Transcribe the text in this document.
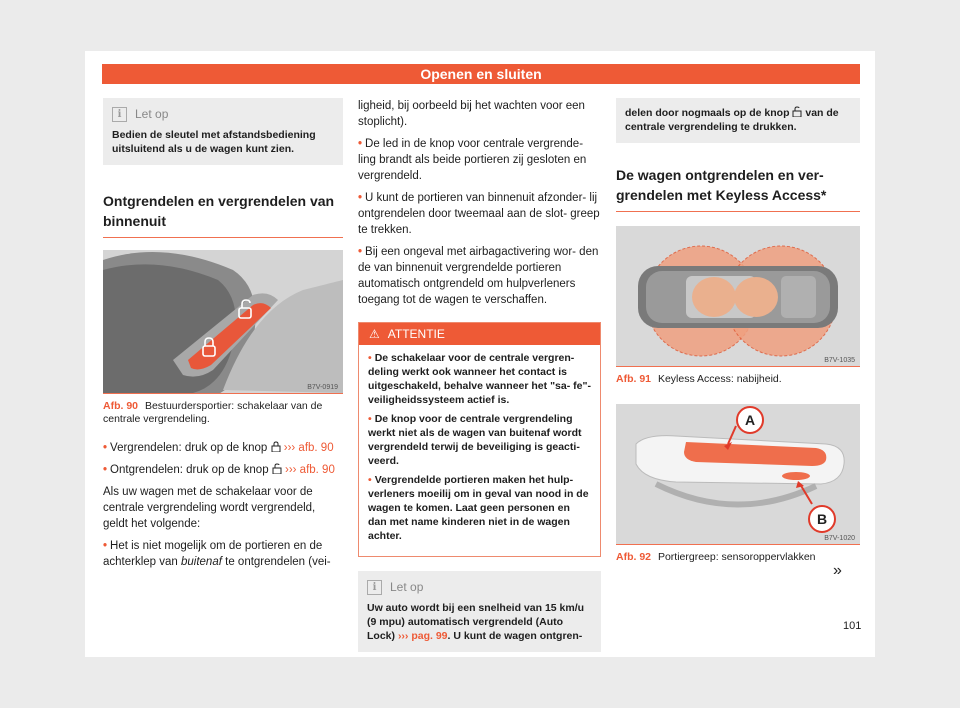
Openen en sluiten
i	Let op
Bedien de sleutel met afstandsbediening uitsluitend als u de wagen kunt zien.
Ontgrendelen en vergrendelen van binnenuit
B7V-0919
Afb. 90 Bestuurdersportier: schakelaar van de centrale vergrendeling.

• Vergrendelen: druk op de knop ››› afb. 90

• Ontgrendelen: druk op de knop ››› afb. 90

Als uw wagen met de schakelaar voor de centrale vergrendeling wordt vergrendeld, geldt het volgende:

• Het is niet mogelijk om de portieren en de achterklep van buitenaf te ontgrendelen (vei-

ligheid, bij oorbeeld bij het wachten voor een stoplicht).

• De led in de knop voor centrale vergrende- ling brandt als beide portieren zij gesloten en vergrendeld.

• U kunt de portieren van binnenuit afzonder- lij ontgrendelen door tweemaal aan de slot- greep te trekken.

• Bij een ongeval met airbagactivering wor- den de van binnenuit vergrendelde portieren automatisch ontgrendeld om hulpverleners toegang tot de wagen te verschaffen.

⚠ ATTENTIE

• De schakelaar voor de centrale vergren- deling werkt ook wanneer het contact is uitgeschakeld, behalve wanneer het "sa- fe"-veiligheidssysteem actief is.

• De knop voor de centrale vergrendeling werkt niet als de wagen van buitenaf wordt vergrendeld terwij de beveiliging is geacti- veerd.

• Vergrendelde portieren maken het hulp- verleners moeilij om in geval van nood in de wagen te komen. Laat geen personen en dan met name kinderen niet in de wagen achter.

i	Let op
Uw auto wordt bij een snelheid van 15 km/u (9 mpu) automatisch vergrendeld (Auto Lock) ››› pag. 99. U kunt de wagen ontgren-
delen door nogmaals op de knop van de centrale vergrendeling te drukken.
De wagen ontgrendelen en ver- grendelen met Keyless Access*
B7V-1035
Afb. 91 Keyless Access: nabijheid.
A
B
B7V-1020
Afb. 92 Portiergreep: sensoroppervlakken
»
101
